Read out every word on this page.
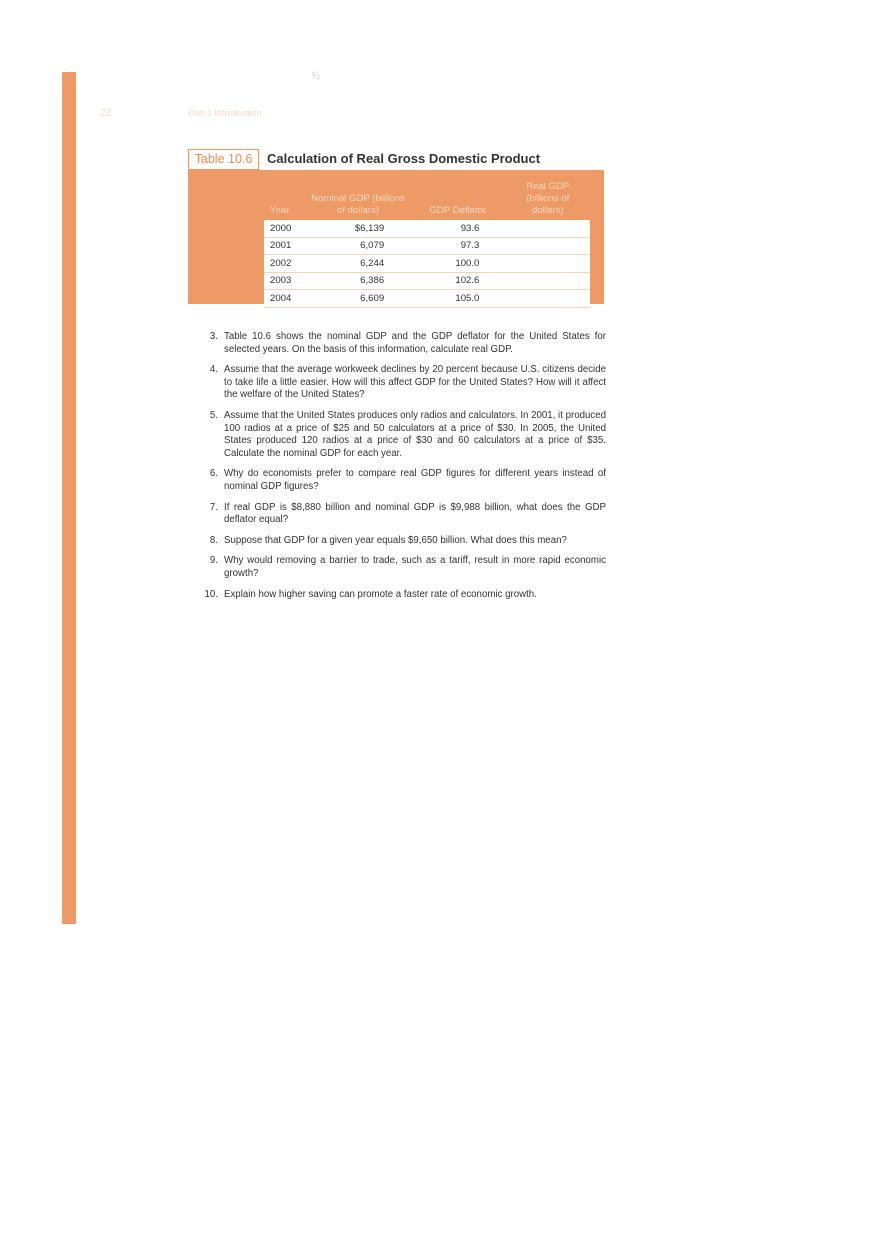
¹⁄₂
22	Part 1 Introduction
Table 10.6	Calculation of Real Gross Domestic Product
Year	Nominal GDP (billions of dollars)	GDP Deflator	Real GDP (billions of dollars)
2000	$6,139	93.6	
2001	6,079	97.3	
2002	6,244	100.0	
2003	6,386	102.6	
2004	6,609	105.0	
3. Table 10.6 shows the nominal GDP and the GDP deflator for the United States for selected years. On the basis of this information, calculate real GDP.
4. Assume that the average workweek declines by 20 percent because U.S. citizens decide to take life a little easier. How will this affect GDP for the United States? How will it affect the welfare of the United States?
5. Assume that the United States produces only radios and calculators. In 2001, it produced 100 radios at a price of $25 and 50 calculators at a price of $30. In 2005, the United States produced 120 radios at a price of $30 and 60 calculators at a price of $35. Calculate the nominal GDP for each year.
6. Why do economists prefer to compare real GDP figures for different years instead of nominal GDP figures?
7. If real GDP is $8,880 billion and nominal GDP is $9,988 billion, what does the GDP deflator equal?
8. Suppose that GDP for a given year equals $9,650 billion. What does this mean?
9. Why would removing a barrier to trade, such as a tariff, result in more rapid economic growth?
10. Explain how higher saving can promote a faster rate of economic growth.
